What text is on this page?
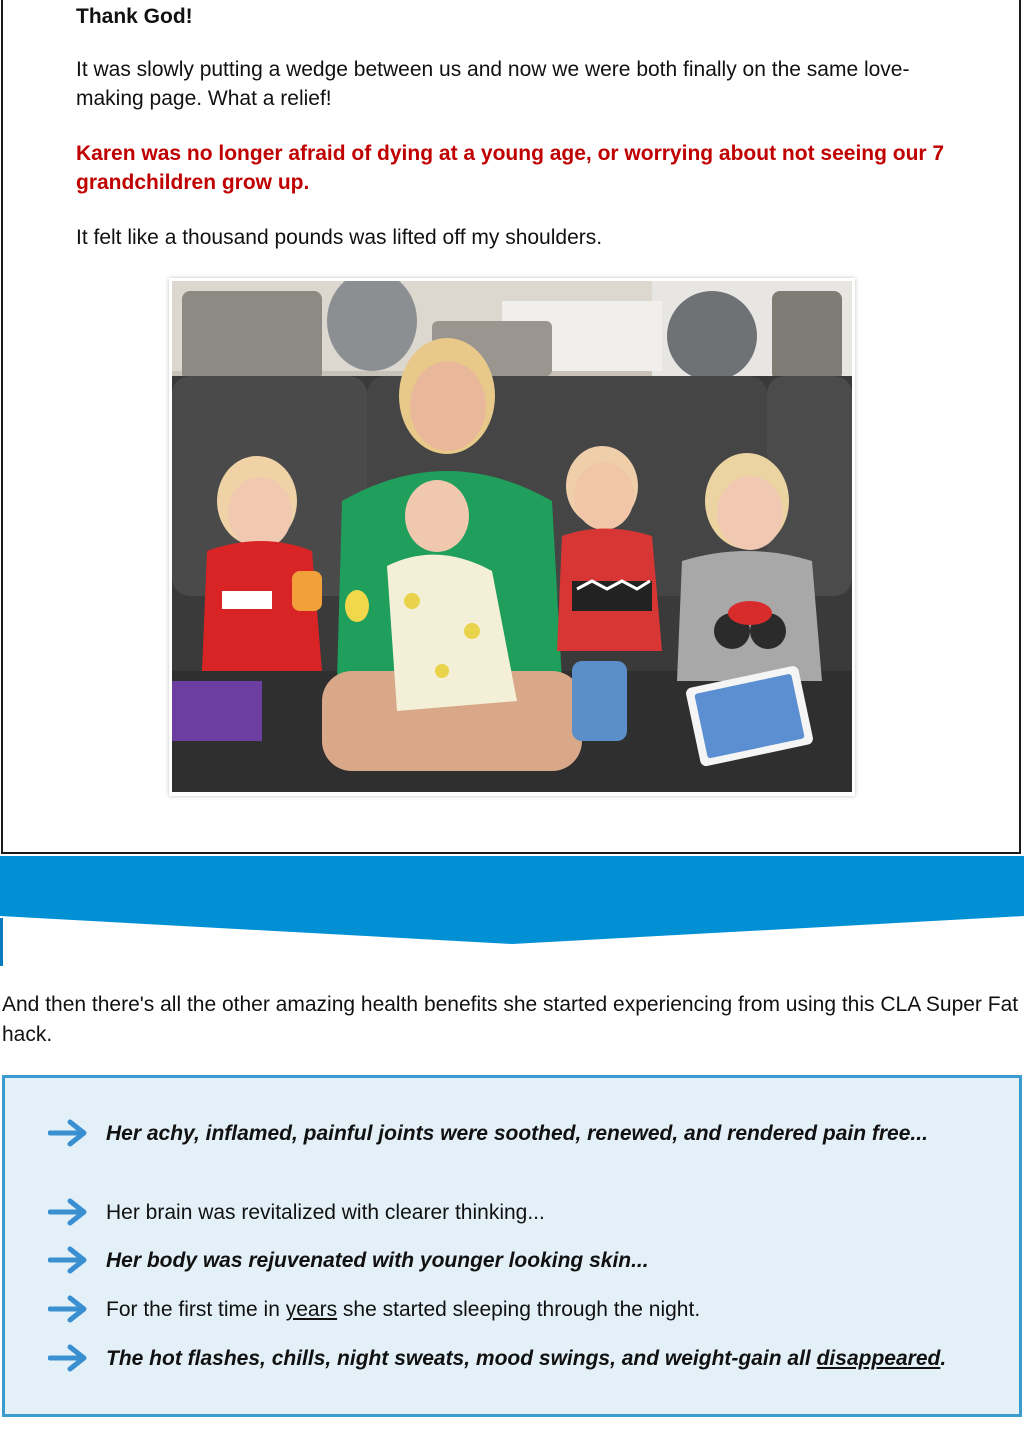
Thank God!

It was slowly putting a wedge between us and now we were both finally on the same love-making page. What a relief!

Karen was no longer afraid of dying at a young age, or worrying about not seeing our 7 grandchildren grow up.

It felt like a thousand pounds was lifted off my shoulders.

And then there's all the other amazing health benefits she started experiencing from using this CLA Super Fat hack.

Her achy, inflamed, painful joints were soothed, renewed, and rendered pain free...
Her brain was revitalized with clearer thinking...
Her body was rejuvenated with younger looking skin...
For the first time in years she started sleeping through the night.
The hot flashes, chills, night sweats, mood swings, and weight-gain all disappeared.
